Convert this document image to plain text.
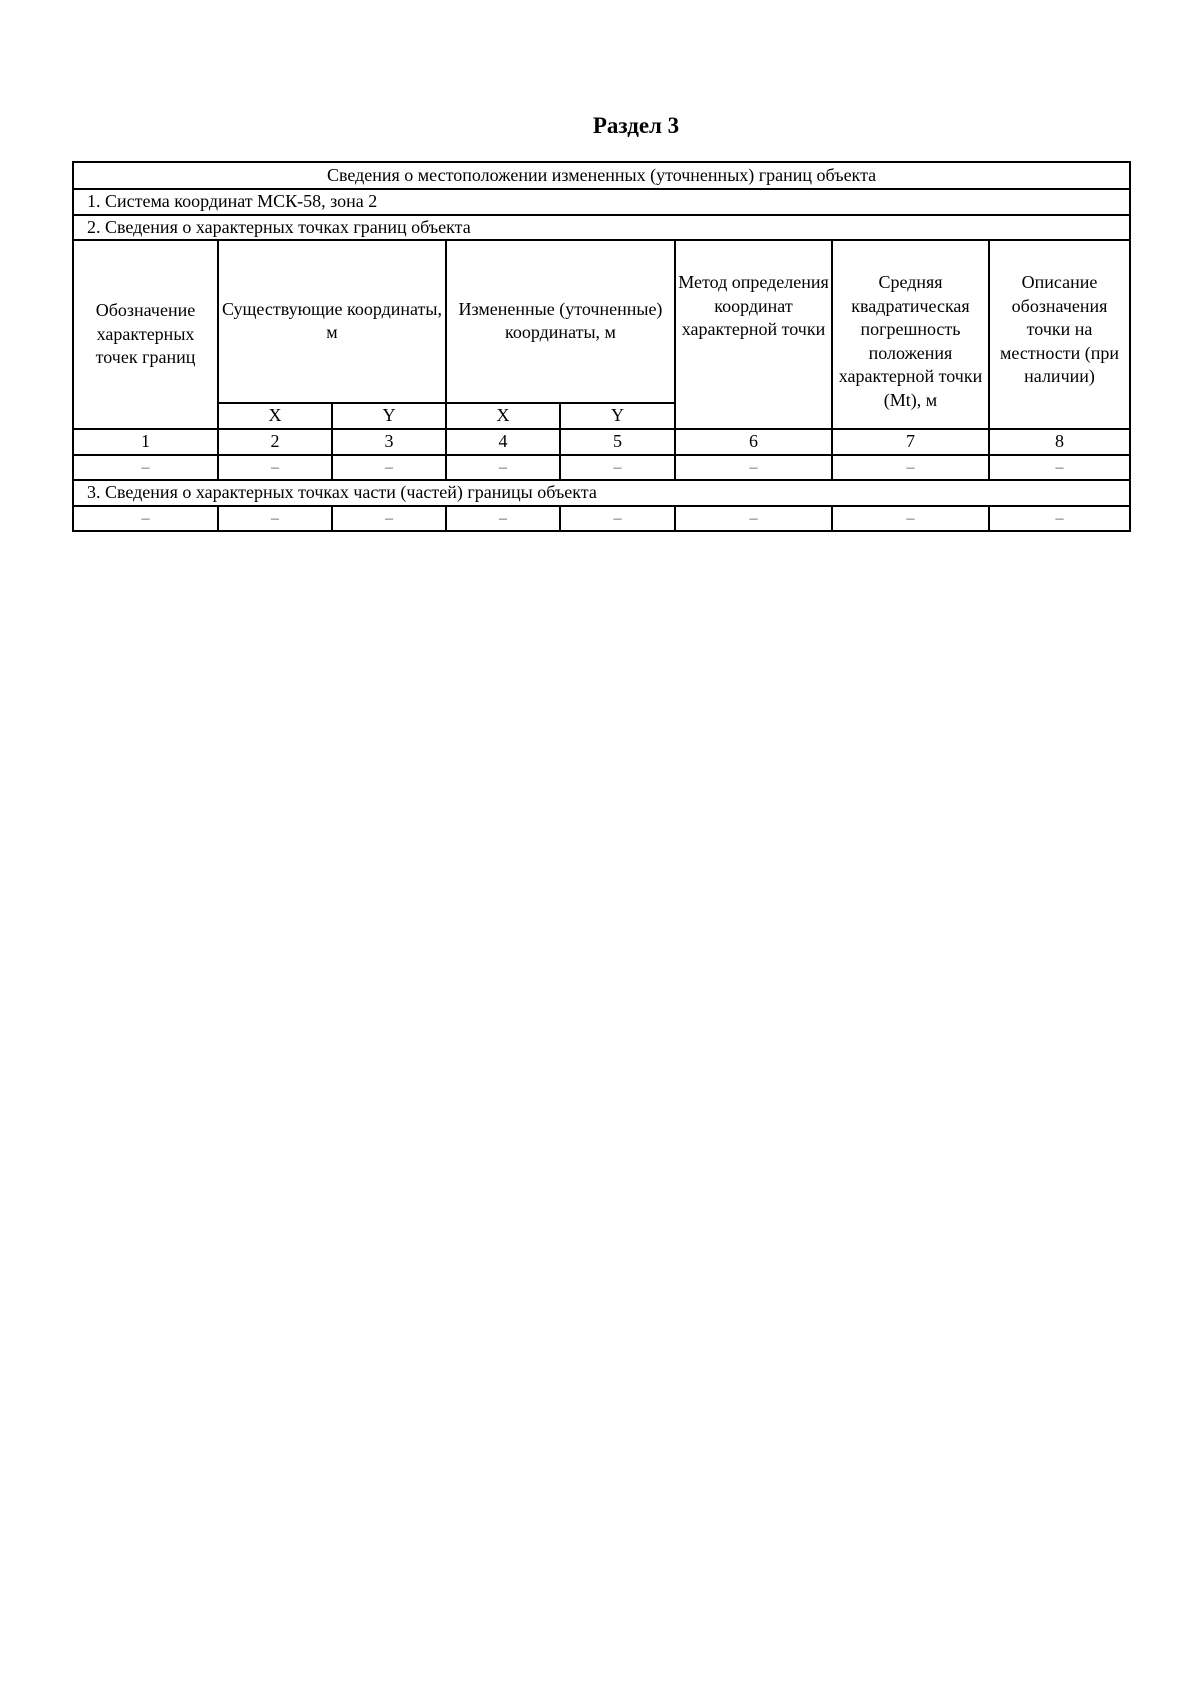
Раздел 3
Сведения о местоположении измененных (уточненных) границ объекта							
1. Система координат МСК-58, зона 2							
2. Сведения о характерных точках границ объекта							
Обозначение характерных точек границ	Существующие координаты, м		Измененные (уточненные) координаты, м		Метод определения координат характерной точки	Средняя квадратическая погрешность положения характерной точки (Mt), м	Описание обозначения точки на местности (при наличии)
	X	Y	X	Y			
1	2	3	4	5	6	7	8
–	–	–	–	–	–	–	–
3. Сведения о характерных точках части (частей) границы объекта							
–	–	–	–	–	–	–	–
